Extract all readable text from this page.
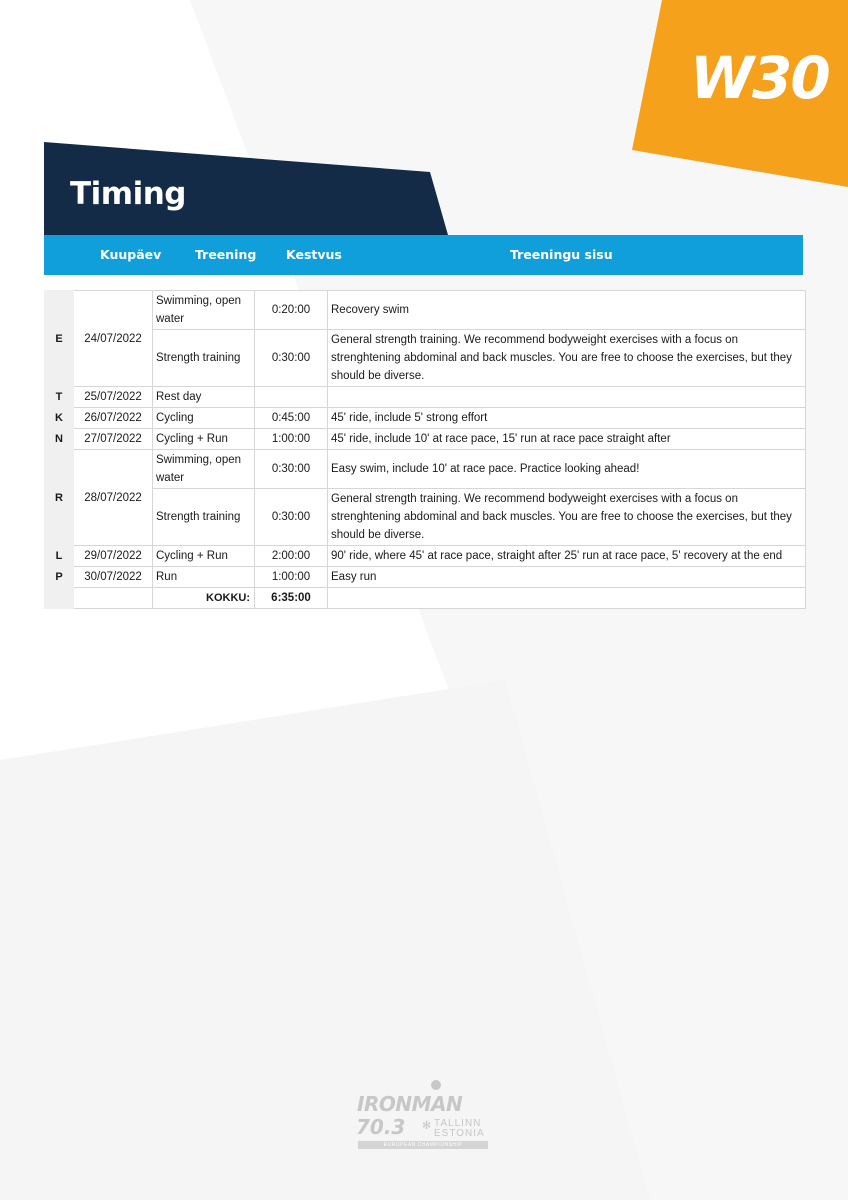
W30
Timing
Kuupäev	Treening Kestvus	Treeningu sisu
E	24/07/2022	Swimming, open water	0:20:00	Recovery swim
		Strength training	0:30:00	General strength training. We recommend bodyweight exercises with a focus on strenghtening abdominal and back muscles. You are free to choose the exercises, but they should be diverse.
T	25/07/2022	Rest day		
K	26/07/2022	Cycling	0:45:00	45' ride, include 5' strong effort
N	27/07/2022	Cycling + Run	1:00:00	45' ride, include 10' at race pace, 15' run at race pace straight after
R	28/07/2022	Swimming, open water	0:30:00	Easy swim, include 10' at race pace. Practice looking ahead!
		Strength training	0:30:00	General strength training. We recommend bodyweight exercises with a focus on strenghtening abdominal and back muscles. You are free to choose the exercises, but they should be diverse.
L	29/07/2022	Cycling + Run	2:00:00	90' ride, where 45' at race pace, straight after 25' run at race pace, 5' recovery at the end
P	30/07/2022	Run	1:00:00	Easy run
		KOKKU:	6:35:00	
IRONMAN
70.3 ✻ TALLINN
ESTONIA
EUROPEAN CHAMPIONSHIP
